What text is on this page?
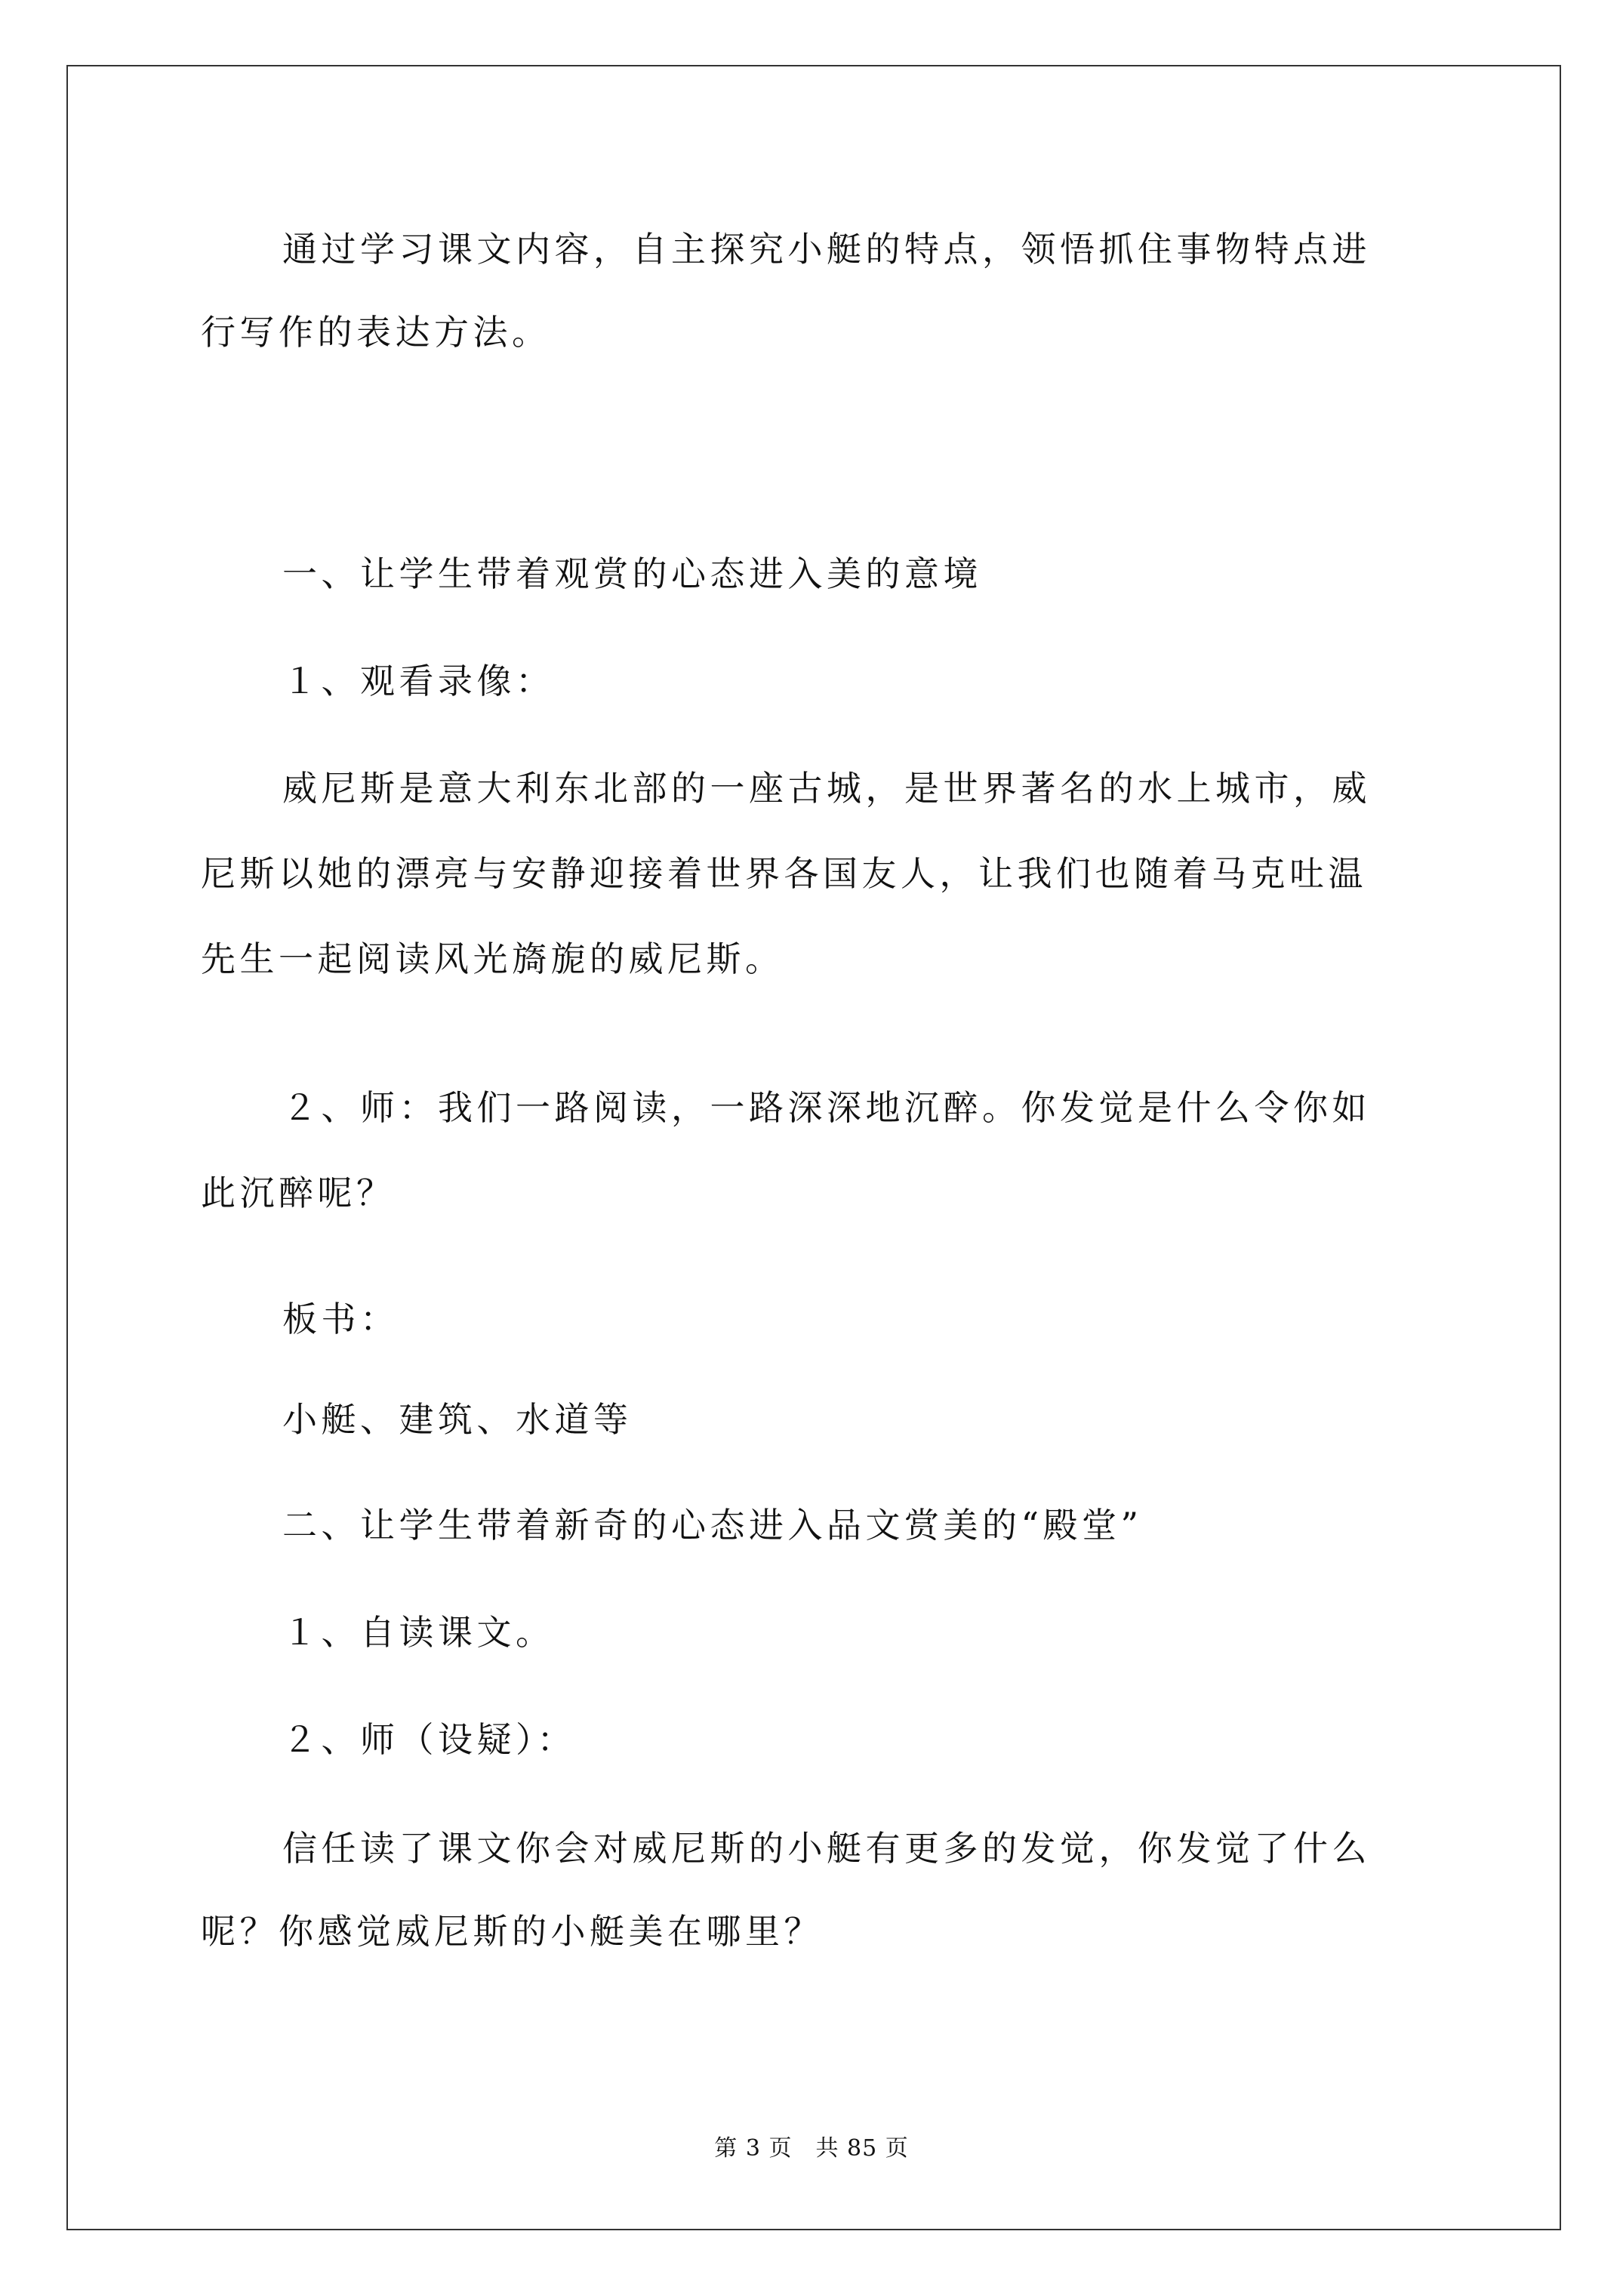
通过学习课文内容，自主探究小艇的特点，领悟抓住事物特点进
行写作的表达方法。
一、让学生带着观赏的心态进入美的意境
１、观看录像：
威尼斯是意大利东北部的一座古城，是世界著名的水上城市，威
尼斯以她的漂亮与安静迎接着世界各国友人，让我们也随着马克吐温
先生一起阅读风光旖旎的威尼斯。
２、师：我们一路阅读，一路深深地沉醉。你发觉是什么令你如
此沉醉呢？
板书：
小艇、建筑、水道等
二、让学生带着新奇的心态进入品文赏美的“殿堂”
１、自读课文。
２、师（设疑）：
信任读了课文你会对威尼斯的小艇有更多的发觉，你发觉了什么
呢？你感觉威尼斯的小艇美在哪里？
第 3 页　共 85 页
